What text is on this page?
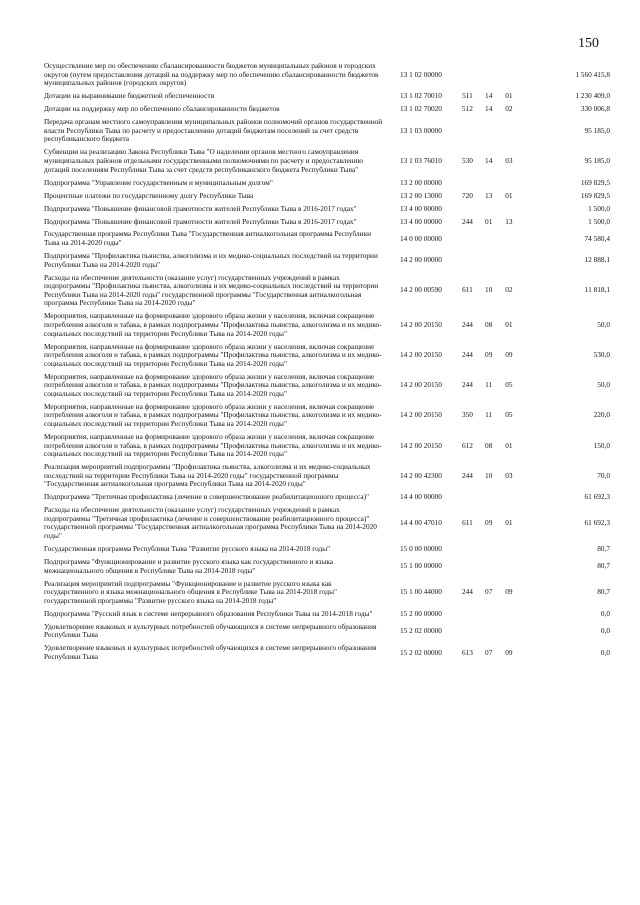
150
Осуществление мер по обеспечению сбалансированности бюджетов муниципальных районов и городских округов (путем предоставления дотаций на поддержку мер по обеспечению сбалансированности бюджетов муниципальных районов (городских округов)	13 1 02 00000				1 560 415,8
Дотации на выравнивание бюджетной обеспеченности	13 1 02 70010	511	14	01	1 230 409,0
Дотации на поддержку мер по обеспечению сбалансированности бюджетов	13 1 02 70020	512	14	02	330 006,8
Передача органам местного самоуправления муниципальных районов полномочий органов государственной власти Республики Тыва по расчету и предоставлению дотаций бюджетам поселений за счет средств республиканского бюджета	13 1 03 00000				95 185,0
Субвенции на реализацию Закона Республики Тыва "О наделении органов местного самоуправления муниципальных районов отдельными государственными полномочиями по расчету и предоставлению дотаций поселениям Республики Тыва за счет средств республиканского бюджета Республики Тыва"	13 1 03 76010	530	14	03	95 185,0
Подпрограмма "Управление государственным и муниципальным долгом"	13 2 00 00000				169 829,5
Процентные платежи по государственному долгу Республики Тыва	13 2 00 13000	720	13	01	169 829,5
Подпрограмма "Повышение финансовой грамотности жителей Республики Тыва в 2016-2017 годах"	13 4 00 00000				1 500,0
Подпрограмма "Повышение финансовой грамотности жителей Республики Тыва в 2016-2017 годах"	13 4 00 00000	244	01	13	1 500,0
Государственная программа Республики Тыва "Государственная антиалкогольная программа Республики Тыва на 2014-2020 годы"	14 0 00 00000				74 580,4
Подпрограмма "Профилактика пьянства, алкоголизма и их медико-социальных последствий на территории Республики Тыва на 2014-2020 годы"	14 2 00 00000				12 888,1
Расходы на обеспечение деятельности (оказание услуг) государственных учреждений в рамках подпрограммы "Профилактика пьянства, алкоголизма и их медико-социальных последствий на территории Республики Тыва на 2014-2020 годы" государственной программы "Государственная антиалкогольная программа Республики Тыва на 2014-2020 годы"	14 2 00 00590	611	10	02	11 818,1
Мероприятия, направленные на формирование здорового образа жизни у населения, включая сокращение потребления алкоголя и табака, в рамках подпрограммы "Профилактика пьянства, алкоголизма и их медико-социальных последствий на территории Республики Тыва на 2014-2020 годы"	14 2 00 20150	244	08	01	50,0
Мероприятия, направленные на формирование здорового образа жизни у населения, включая сокращение потребления алкоголя и табака, в рамках подпрограммы "Профилактика пьянства, алкоголизма и их медико-социальных последствий на территории Республики Тыва на 2014-2020 годы"	14 2 00 20150	244	09	09	530,0
Мероприятия, направленные на формирование здорового образа жизни у населения, включая сокращение потребления алкоголя и табака, в рамках подпрограммы "Профилактика пьянства, алкоголизма и их медико-социальных последствий на территории Республики Тыва на 2014-2020 годы"	14 2 00 20150	244	11	05	50,0
Мероприятия, направленные на формирование здорового образа жизни у населения, включая сокращение потребления алкоголя и табака, в рамках подпрограммы "Профилактика пьянства, алкоголизма и их медико-социальных последствий на территории Республики Тыва на 2014-2020 годы"	14 2 00 20150	350	11	05	220,0
Мероприятия, направленные на формирование здорового образа жизни у населения, включая сокращение потребления алкоголя и табака, в рамках подпрограммы "Профилактика пьянства, алкоголизма и их медико-социальных последствий на территории Республики Тыва на 2014-2020 годы"	14 2 00 20150	612	08	01	150,0
Реализация мероприятий подпрограммы "Профилактика пьянства, алкоголизма и их медико-социальных последствий на территории Республики Тыва на 2014-2020 годы" государственной программы "Государственная антиалкогольная программа Республики Тыва на 2014-2020 годы"	14 2 00 42300	244	10	03	70,0
Подпрограмма "Третичная профилактика (лечение и совершенствование реабилитационного процесса)"	14 4 00 00000				61 692,3
Расходы на обеспечение деятельности (оказание услуг) государственных учреждений в рамках подпрограммы "Третичная профилактика (лечение и совершенствование реабилитационного процесса)" государственной программы "Государственная антиалкогольная программа Республики Тыва на 2014-2020 годы"	14 4 00 47010	611	09	01	61 692,3
Государственная программа Республики Тыва "Развитие русского языка на 2014-2018 годы"	15 0 00 00000				80,7
Подпрограмма "Функционирование и развитие русского языка как государственного и языка межнационального общения в Республике Тыва на 2014-2018 годы"	15 1 00 00000				80,7
Реализация мероприятий подпрограммы "Функционирование и развитие русского языка как государственного и языка межнационального общения в Республике Тыва на 2014-2018 годы" государственной программы "Развитие русского языка на 2014-2018 годы"	15 1 00 44000	244	07	09	80,7
Подпрограмма "Русский язык в системе непрерывного образования Республики Тыва на 2014-2018 годы"	15 2 00 00000				0,0
Удовлетворение языковых и культурных потребностей обучающихся в системе непрерывного образования Республики Тыва	15 2 02 00000				0,0
Удовлетворение языковых и культурных потребностей обучающихся в системе непрерывного образования Республики Тыва	15 2 02 00000	613	07	09	0,0
